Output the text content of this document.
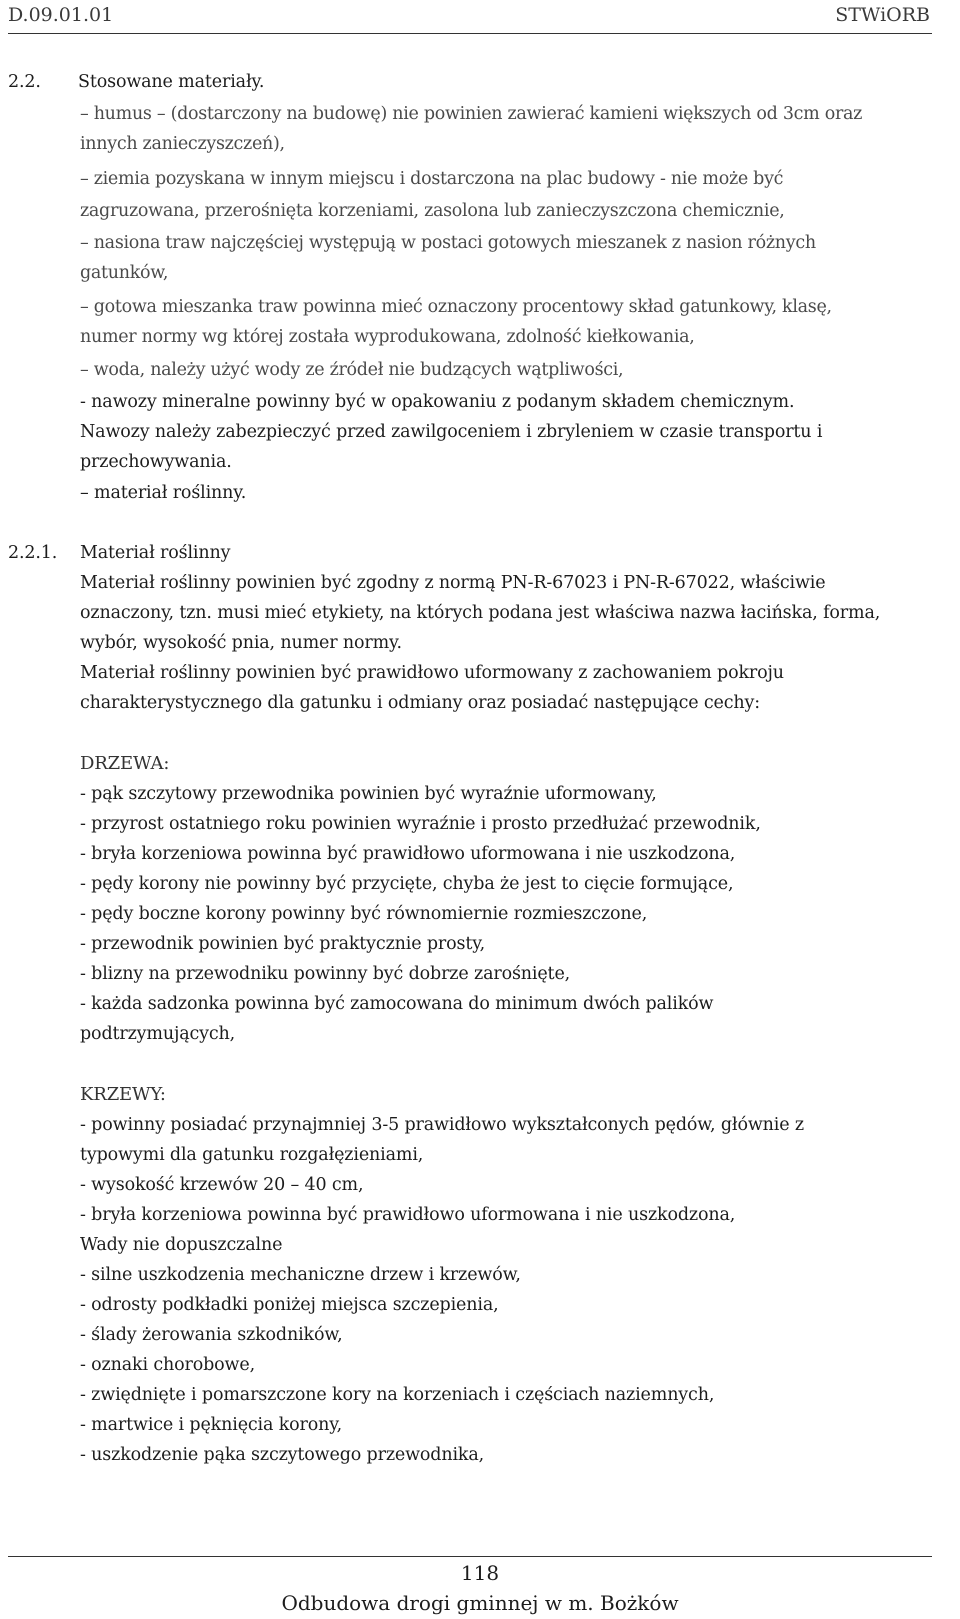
D.09.01.01	STWiORB
2.2. Stosowane materiały.
– humus – (dostarczony na budowę) nie powinien zawierać kamieni większych od 3cm oraz
innych zanieczyszczeń),
– ziemia pozyskana w innym miejscu i dostarczona na plac budowy - nie może być
zagruzowana, przerośnięta korzeniami, zasolona lub zanieczyszczona chemicznie,
– nasiona traw najczęściej występują w postaci gotowych mieszanek z nasion różnych
gatunków,
– gotowa mieszanka traw powinna mieć oznaczony procentowy skład gatunkowy, klasę,
numer normy wg której została wyprodukowana, zdolność kiełkowania,
– woda, należy użyć wody ze źródeł nie budzących wątpliwości,
- nawozy mineralne powinny być w opakowaniu z podanym składem chemicznym.
Nawozy należy zabezpieczyć przed zawilgoceniem i zbryleniem w czasie transportu i
przechowywania.
– materiał roślinny.
2.2.1. Materiał roślinny
Materiał roślinny powinien być zgodny z normą PN-R-67023 i PN-R-67022, właściwie
oznaczony, tzn. musi mieć etykiety, na których podana jest właściwa nazwa łacińska, forma,
wybór, wysokość pnia, numer normy.
Materiał roślinny powinien być prawidłowo uformowany z zachowaniem pokroju
charakterystycznego dla gatunku i odmiany oraz posiadać następujące cechy:
DRZEWA:
- pąk szczytowy przewodnika powinien być wyraźnie uformowany,
- przyrost ostatniego roku powinien wyraźnie i prosto przedłużać przewodnik,
- bryła korzeniowa powinna być prawidłowo uformowana i nie uszkodzona,
- pędy korony nie powinny być przycięte, chyba że jest to cięcie formujące,
- pędy boczne korony powinny być równomiernie rozmieszczone,
- przewodnik powinien być praktycznie prosty,
- blizny na przewodniku powinny być dobrze zarośnięte,
- każda sadzonka powinna być zamocowana do minimum dwóch palików
podtrzymujących,
KRZEWY:
- powinny posiadać przynajmniej 3-5 prawidłowo wykształconych pędów, głównie z
typowymi dla gatunku rozgałęzieniami,
- wysokość krzewów 20 – 40 cm,
- bryła korzeniowa powinna być prawidłowo uformowana i nie uszkodzona,
Wady nie dopuszczalne
- silne uszkodzenia mechaniczne drzew i krzewów,
- odrosty podkładki poniżej miejsca szczepienia,
- ślady żerowania szkodników,
- oznaki chorobowe,
- zwiędnięte i pomarszczone kory na korzeniach i częściach naziemnych,
- martwice i pęknięcia korony,
- uszkodzenie pąka szczytowego przewodnika,
118
Odbudowa drogi gminnej w m. Bożków
